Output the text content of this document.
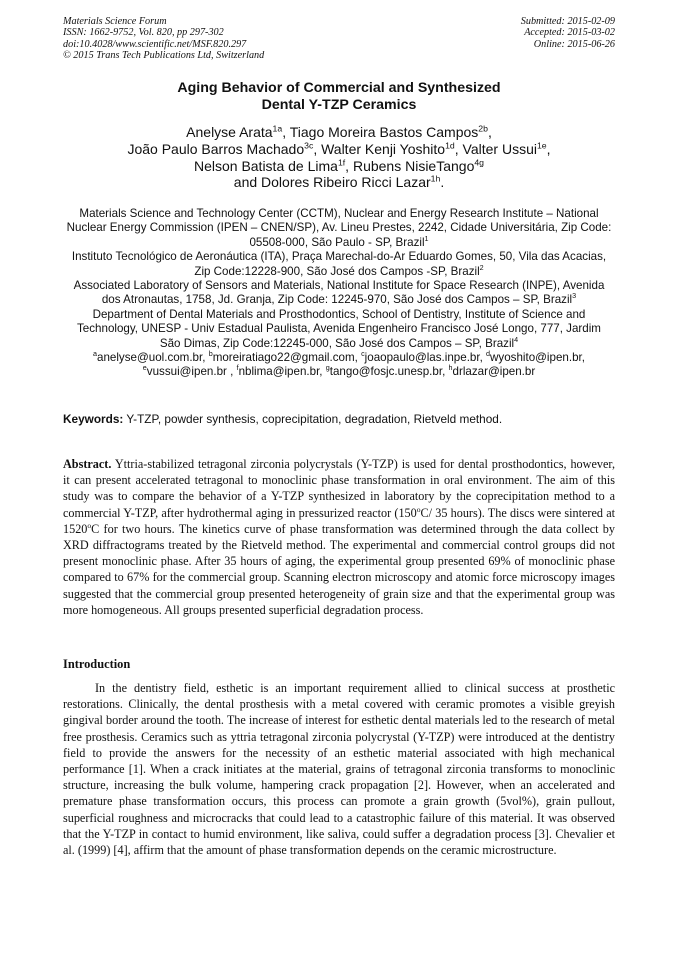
Materials Science Forum
ISSN: 1662-9752, Vol. 820, pp 297-302
doi:10.4028/www.scientific.net/MSF.820.297
© 2015 Trans Tech Publications Ltd, Switzerland
Submitted: 2015-02-09
Accepted: 2015-03-02
Online: 2015-06-26
Aging Behavior of Commercial and Synthesized
Dental Y-TZP Ceramics
Anelyse Arata$^{1a}$, Tiago Moreira Bastos Campos$^{2b}$,
João Paulo Barros Machado$^{3c}$, Walter Kenji Yoshito$^{1d}$, Valter Ussui$^{1e}$,
Nelson Batista de Lima$^{1f}$, Rubens NisieTango$^{4g}$
and Dolores Ribeiro Ricci Lazar$^{1h}$.
Materials Science and Technology Center (CCTM), Nuclear and Energy Research Institute – National Nuclear Energy Commission (IPEN – CNEN/SP), Av. Lineu Prestes, 2242, Cidade Universitária, Zip Code: 05508-000, São Paulo - SP, Brazil$^1$
Instituto Tecnológico de Aeronáutica (ITA), Praça Marechal-do-Ar Eduardo Gomes, 50, Vila das Acacias, Zip Code:12228-900, São José dos Campos -SP, Brazil$^2$
Associated Laboratory of Sensors and Materials, National Institute for Space Research (INPE), Avenida dos Atronautas, 1758, Jd. Granja, Zip Code: 12245-970, São José dos Campos – SP, Brazil$^3$
Department of Dental Materials and Prosthodontics, School of Dentistry, Institute of Science and Technology, UNESP - Univ Estadual Paulista, Avenida Engenheiro Francisco José Longo, 777, Jardim São Dimas, Zip Code:12245-000, São José dos Campos – SP, Brazil$^4$
$^a$anelyse@uol.com.br, $^b$moreiratiago22@gmail.com, $^c$joaopaulo@las.inpe.br, $^d$wyoshito@ipen.br, $^e$vussui@ipen.br , $^f$nblima@ipen.br, $^g$tango@fosjc.unesp.br, $^h$drlazar@ipen.br
Keywords: Y-TZP, powder synthesis, coprecipitation, degradation, Rietveld method.

Abstract. Yttria-stabilized tetragonal zirconia polycrystals (Y-TZP) is used for dental prosthodontics, however, it can present accelerated tetragonal to monoclinic phase transformation in oral environment. The aim of this study was to compare the behavior of a Y-TZP synthesized in laboratory by the coprecipitation method to a commercial Y-TZP, after hydrothermal aging in pressurized reactor (150$^o$C/ 35 hours). The discs were sintered at 1520$^o$C for two hours. The kinetics curve of phase transformation was determined through the data collect by XRD diffractograms treated by the Rietveld method. The experimental and commercial control groups did not present monoclinic phase. After 35 hours of aging, the experimental group presented 69% of monoclinic phase compared to 67% for the commercial group. Scanning electron microscopy and atomic force microscopy images suggested that the commercial group presented heterogeneity of grain size and that the experimental group was more homogeneous. All groups presented superficial degradation process.

Introduction

In the dentistry field, esthetic is an important requirement allied to clinical success at prosthetic restorations. Clinically, the dental prosthesis with a metal covered with ceramic promotes a visible greyish gingival border around the tooth. The increase of interest for esthetic dental materials led to the research of metal free prosthesis. Ceramics such as yttria tetragonal zirconia polycrystal (Y-TZP) were introduced at the dentistry field to provide the answers for the necessity of an esthetic material associated with high mechanical performance [1]. When a crack initiates at the material, grains of tetragonal zirconia transforms to monoclinic structure, increasing the bulk volume, hampering crack propagation [2]. However, when an accelerated and premature phase transformation occurs, this process can promote a grain growth (5vol%), grain pullout, superficial roughness and microcracks that could lead to a catastrophic failure of this material. It was observed that the Y-TZP in contact to humid environment, like saliva, could suffer a degradation process [3]. Chevalier et al. (1999) [4], affirm that the amount of phase transformation depends on the ceramic microstructure.
